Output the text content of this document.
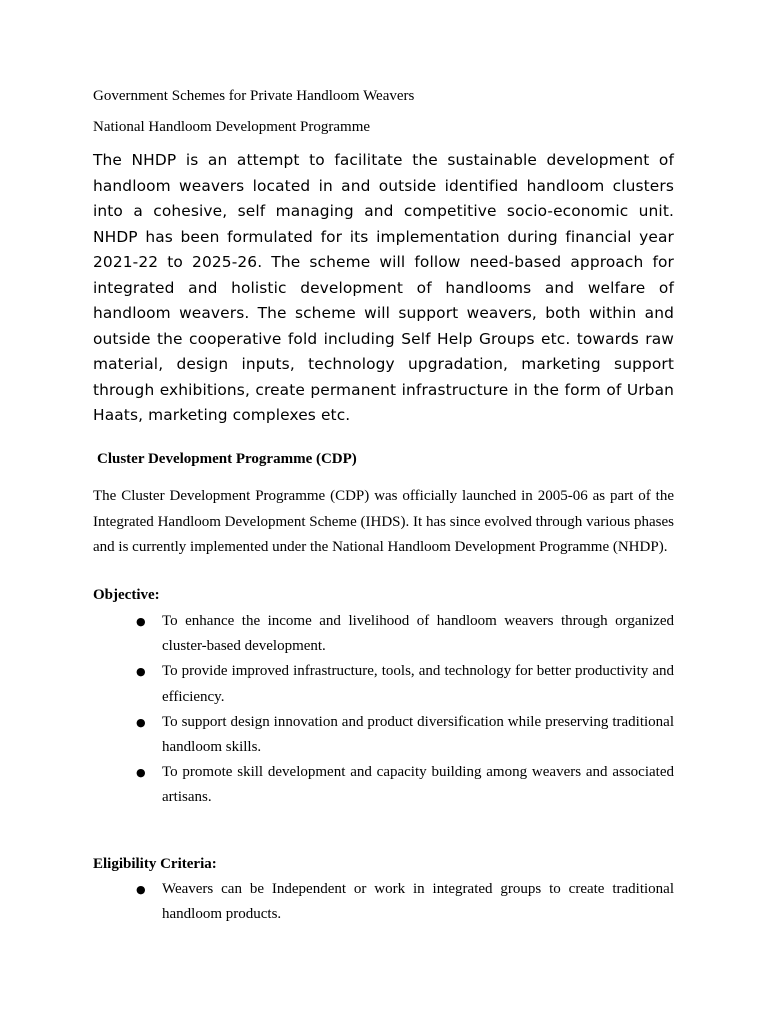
Government Schemes for Private Handloom Weavers
National Handloom Development Programme

The NHDP is an attempt to facilitate the sustainable development of handloom weavers located in and outside identified handloom clusters into a cohesive, self managing and competitive socio-economic unit. NHDP has been formulated for its implementation during financial year 2021-22 to 2025-26. The scheme will follow need-based approach for integrated and holistic development of handlooms and welfare of handloom weavers. The scheme will support weavers, both within and outside the cooperative fold including Self Help Groups etc. towards raw material, design inputs, technology upgradation, marketing support through exhibitions, create permanent infrastructure in the form of Urban Haats, marketing complexes etc.

Cluster Development Programme (CDP)

The Cluster Development Programme (CDP) was officially launched in 2005-06 as part of the Integrated Handloom Development Scheme (IHDS). It has since evolved through various phases and is currently implemented under the National Handloom Development Programme (NHDP).

Objective:
● To enhance the income and livelihood of handloom weavers through organized cluster-based development.
● To provide improved infrastructure, tools, and technology for better productivity and efficiency.
● To support design innovation and product diversification while preserving traditional handloom skills.
● To promote skill development and capacity building among weavers and associated artisans.
Eligibility Criteria:
● Weavers can be Independent or work in integrated groups to create traditional handloom products.
